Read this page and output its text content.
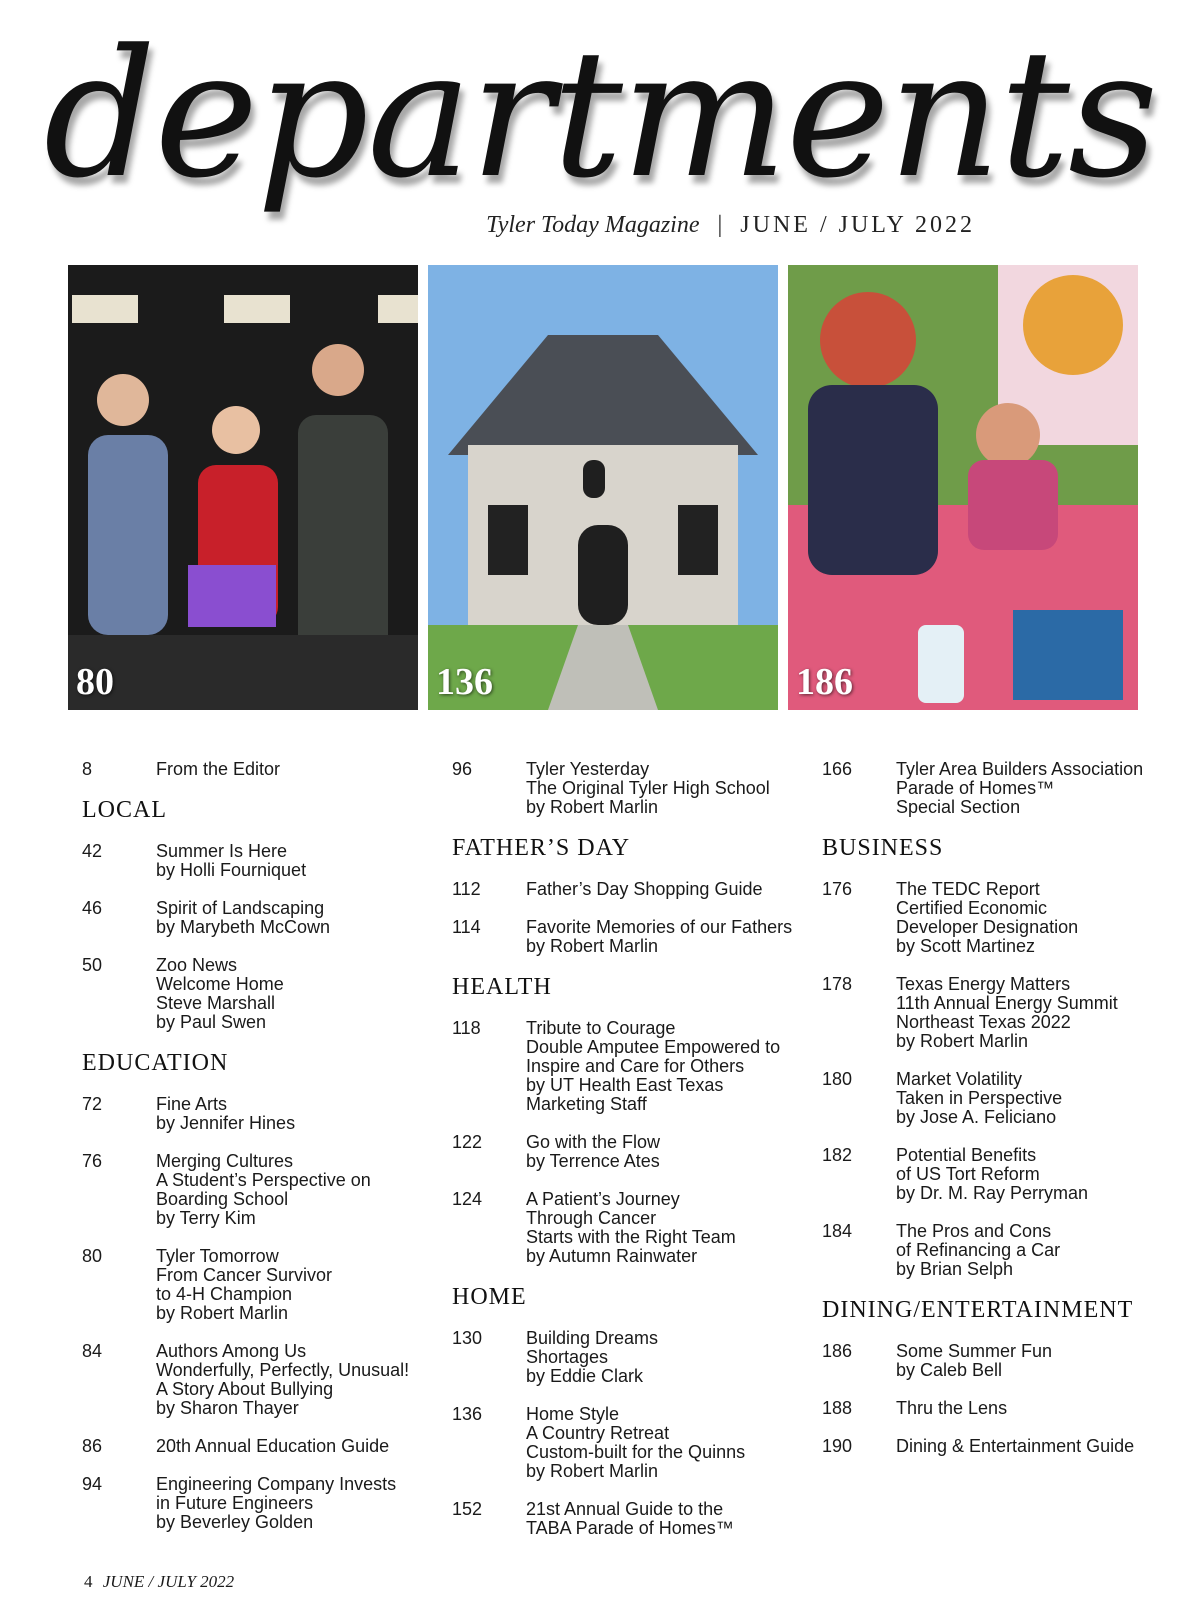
departments
Tyler Today Magazine | JUNE / JULY 2022
80	136	186
8	From the Editor
LOCAL
42	Summer Is Here
by Holli Fourniquet
46	Spirit of Landscaping
by Marybeth McCown
50	Zoo News
Welcome Home
Steve Marshall
by Paul Swen
EDUCATION
72	Fine Arts
by Jennifer Hines
76	Merging Cultures
A Student’s Perspective on
Boarding School
by Terry Kim
80	Tyler Tomorrow
From Cancer Survivor
to 4-H Champion
by Robert Marlin
84	Authors Among Us
Wonderfully, Perfectly, Unusual!
A Story About Bullying
by Sharon Thayer
86	20th Annual Education Guide
94	Engineering Company Invests
in Future Engineers
by Beverley Golden
96	Tyler Yesterday
The Original Tyler High School
by Robert Marlin
FATHER’S DAY
112	Father’s Day Shopping Guide
114	Favorite Memories of our Fathers
by Robert Marlin
HEALTH
118	Tribute to Courage
Double Amputee Empowered to
Inspire and Care for Others
by UT Health East Texas
Marketing Staff
122	Go with the Flow
by Terrence Ates
124	A Patient’s Journey
Through Cancer
Starts with the Right Team
by Autumn Rainwater
HOME
130	Building Dreams
Shortages
by Eddie Clark
136	Home Style
A Country Retreat
Custom-built for the Quinns
by Robert Marlin
152	21st Annual Guide to the
TABA Parade of Homes™
166	Tyler Area Builders Association
Parade of Homes™
Special Section
BUSINESS
176	The TEDC Report
Certified Economic
Developer Designation
by Scott Martinez
178	Texas Energy Matters
11th Annual Energy Summit
Northeast Texas 2022
by Robert Marlin
180	Market Volatility
Taken in Perspective
by Jose A. Feliciano
182	Potential Benefits
of US Tort Reform
by Dr. M. Ray Perryman
184	The Pros and Cons
of Refinancing a Car
by Brian Selph
DINING/ENTERTAINMENT
186	Some Summer Fun
by Caleb Bell
188	Thru the Lens
190	Dining & Entertainment Guide
4 JUNE / JULY 2022
